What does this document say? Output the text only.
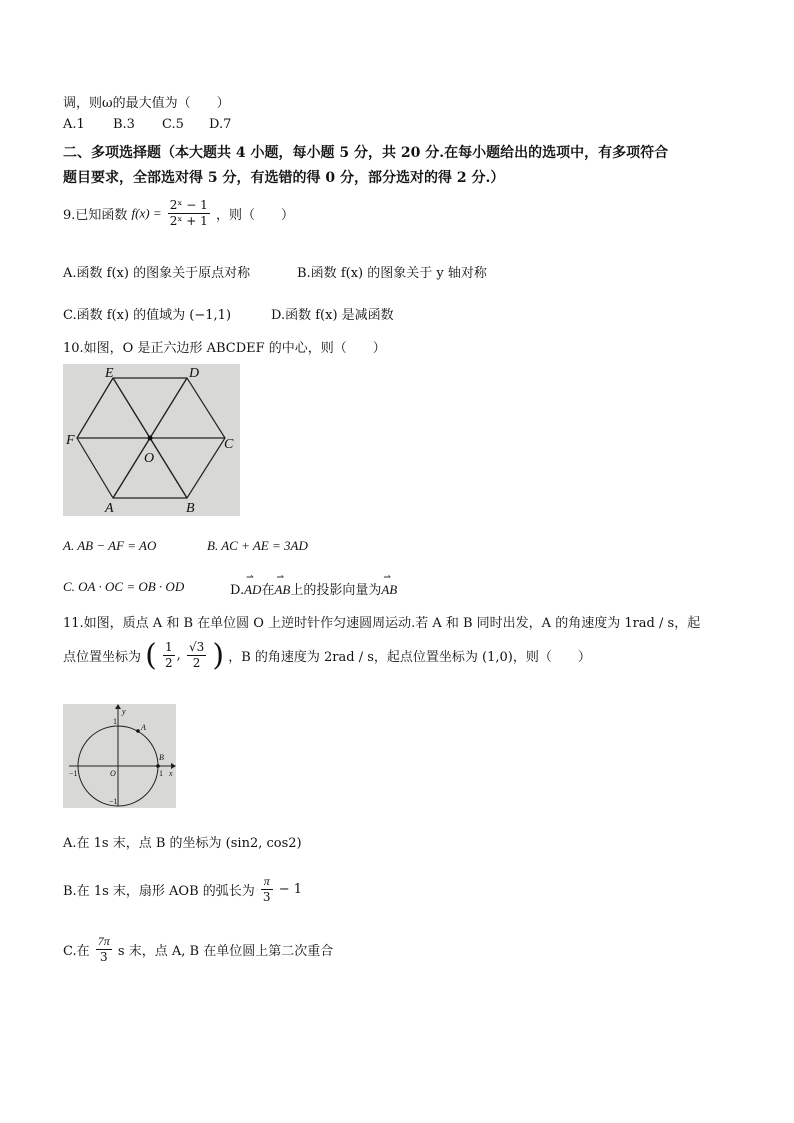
调，则ω的最大值为（　　）
A.1 B.3 C.5 D.7
二、多项选择题（本大题共 4 小题，每小题 5 分，共 20 分.在每小题给出的选项中，有多项符合
题目要求，全部选对得 5 分，有选错的得 0 分，部分选对的得 2 分.）
9.已知函数 $f(x) = \frac{\text{2ˣ − 1}}{\text{2ˣ + 1}}$ ，则（　　）
A.函数 f(x) 的图象关于原点对称	B.函数 f(x) 的图象关于 y 轴对称
C.函数 f(x) 的值域为 (−1,1)	D.函数 f(x) 是减函数
10.如图，O 是正六边形 ABCDEF 的中心，则（　　）
E	D
F	C
O
A	B
A. AB − AF = AO	B. AC + AE = 3AD
C. OA · OC = OB · OD	D.⇀ AD在⇀ AB上的投影向量为⇀ AB
11.如图，质点 A 和 B 在单位圆 O 上逆时针作匀速圆周运动.若 A 和 B 同时出发，A 的角速度为 1rad / s，起
点位置坐标为 ( $\frac{1}{2}$ , $\frac{√3}{2}$ ) ，B 的角速度为 2rad / s，起点位置坐标为 (1,0)，则（　　）
y
x
1
1
−1
−1
O
A
B
A.在 1s 末，点 B 的坐标为 (sin2, cos2)
B.在 1s 末，扇形 AOB 的弧长为 $\frac{\pi}{3} - 1$
C.在 $\frac{7\pi}{3}$ s 末，点 A, B 在单位圆上第二次重合
